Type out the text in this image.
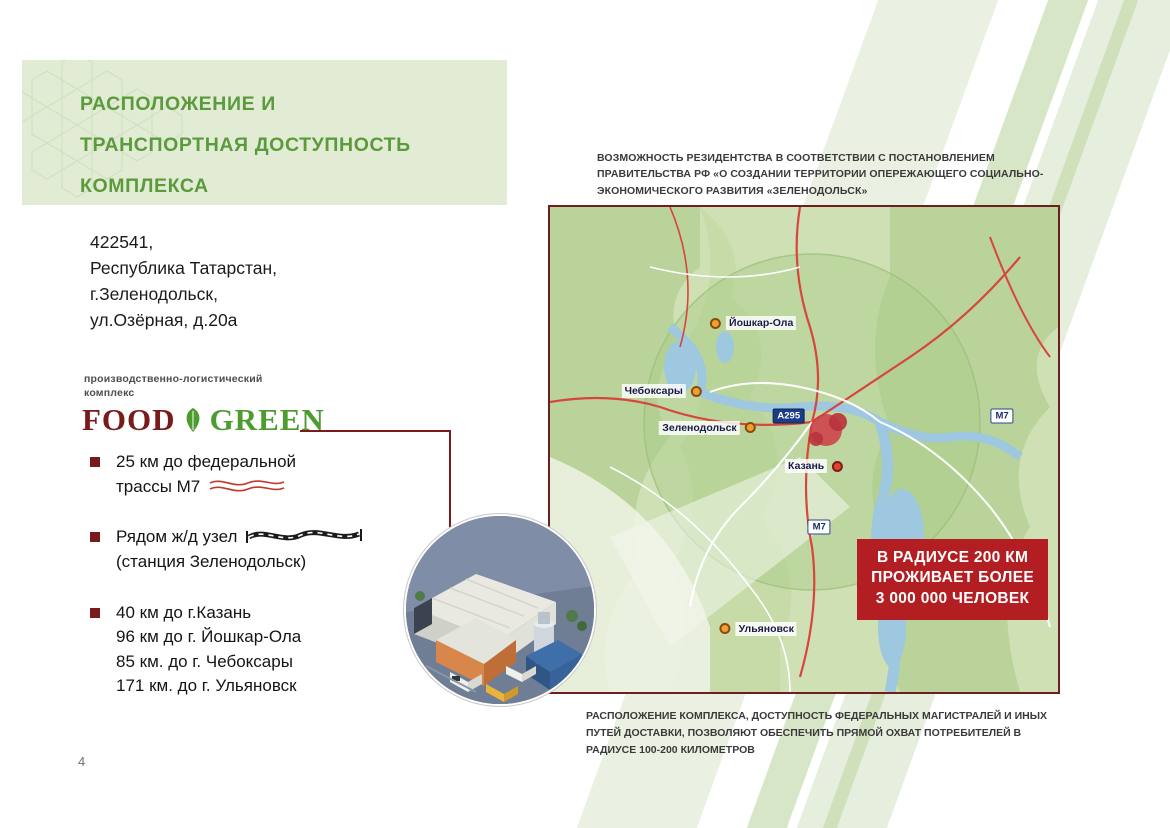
РАСПОЛОЖЕНИЕ И
ТРАНСПОРТНАЯ ДОСТУПНОСТЬ
КОМПЛЕКСА
422541,
Республика Татарстан,
г.Зеленодольск,
ул.Озёрная, д.20а
производственно-логистический
комплекс
FOOD GREEN
25 км до федеральной
трассы М7
Рядом ж/д узел
(станция Зеленодольск)
40 км до г.Казань
96 км до г. Йошкар-Ола
85 км. до г. Чебоксары
171 км. до г. Ульяновск
4
ВОЗМОЖНОСТЬ РЕЗИДЕНТСТВА В СООТВЕТСТВИИ С ПОСТАНОВЛЕНИЕМ ПРАВИТЕЛЬСТВА РФ «О СОЗДАНИИ ТЕРРИТОРИИ ОПЕРЕЖАЮЩЕГО СОЦИАЛЬНО-ЭКОНОМИЧЕСКОГО РАЗВИТИЯ «ЗЕЛЕНОДОЛЬСК»
Йошкар-Ола
Чебоксары
Зеленодольск
Казань
Ульяновск
А295	M7
M7
В РАДИУСЕ 200 КМ
ПРОЖИВАЕТ БОЛЕЕ
3 000 000 ЧЕЛОВЕК
РАСПОЛОЖЕНИЕ КОМПЛЕКСА, ДОСТУПНОСТЬ ФЕДЕРАЛЬНЫХ МАГИСТРАЛЕЙ И ИНЫХ ПУТЕЙ ДОСТАВКИ, ПОЗВОЛЯЮТ ОБЕСПЕЧИТЬ ПРЯМОЙ ОХВАТ ПОТРЕБИТЕЛЕЙ В РАДИУСЕ 100-200 КИЛОМЕТРОВ
